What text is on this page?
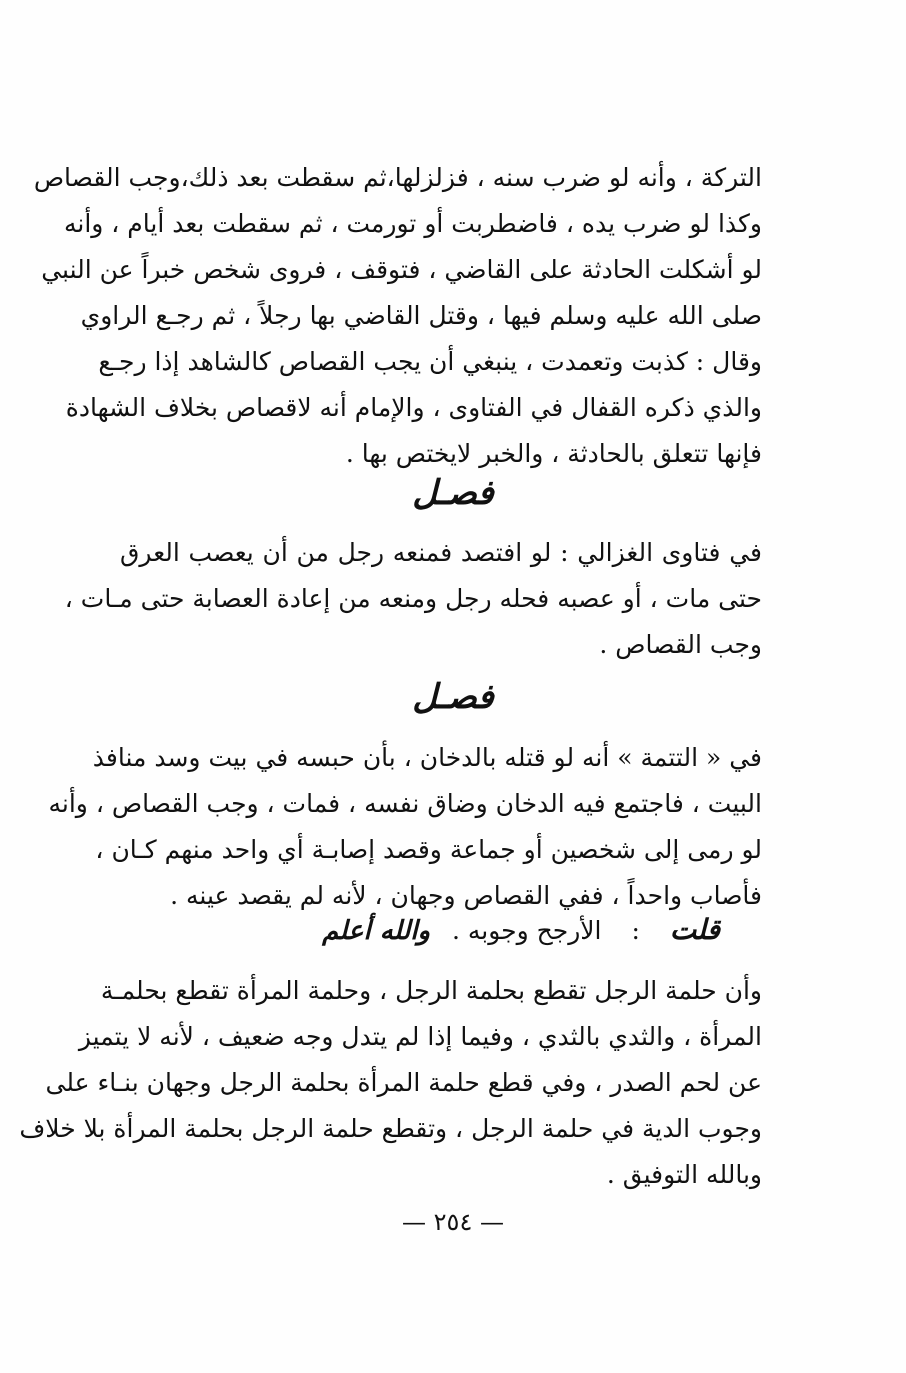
التركة ، وأنه لو ضرب سنه ، فزلزلها،ثم سقطت بعد ذلك،وجب القصاص
وكذا لو ضرب يده ، فاضطربت أو تورمت ، ثم سقطت بعد أيام ، وأنه
لو أشكلت الحادثة على القاضي ، فتوقف ، فروى شخص خبراً عن النبي
صلى الله عليه وسلم فيها ، وقتل القاضي بها رجلاً ، ثم رجـع الراوي
وقال : كذبت وتعمدت ، ينبغي أن يجب القصاص كالشاهد إذا رجـع
والذي ذكره القفال في الفتاوى ، والإمام أنه لاقصاص بخلاف الشهادة
فإنها تتعلق بالحادثة ، والخبر لايختص بها .
فصـل
في فتاوى الغزالي : لو افتصد فمنعه رجل من أن يعصب العرق
حتى مات ، أو عصبه فحله رجل ومنعه من إعادة العصابة حتى مـات ،
وجب القصاص .
فصـل
في « التتمة » أنه لو قتله بالدخان ، بأن حبسه في بيت وسد منافذ
البيت ، فاجتمع فيه الدخان وضاق نفسه ، فمات ، وجب القصاص ، وأنه
لو رمى إلى شخصين أو جماعة وقصد إصابـة أي واحد منهم كـان ،
فأصاب واحداً ، ففي القصاص وجهان ، لأنه لم يقصد عينه .
قلت : الأرجح وجوبه . والله أعلم
وأن حلمة الرجل تقطع بحلمة الرجل ، وحلمة المرأة تقطع بحلمـة
المرأة ، والثدي بالثدي ، وفيما إذا لم يتدل وجه ضعيف ، لأنه لا يتميز
عن لحم الصدر ، وفي قطع حلمة المرأة بحلمة الرجل وجهان بنـاء على
وجوب الدية في حلمة الرجل ، وتقطع حلمة الرجل بحلمة المرأة بلا خلاف
وبالله التوفيق .
— ٢٥٤ —
